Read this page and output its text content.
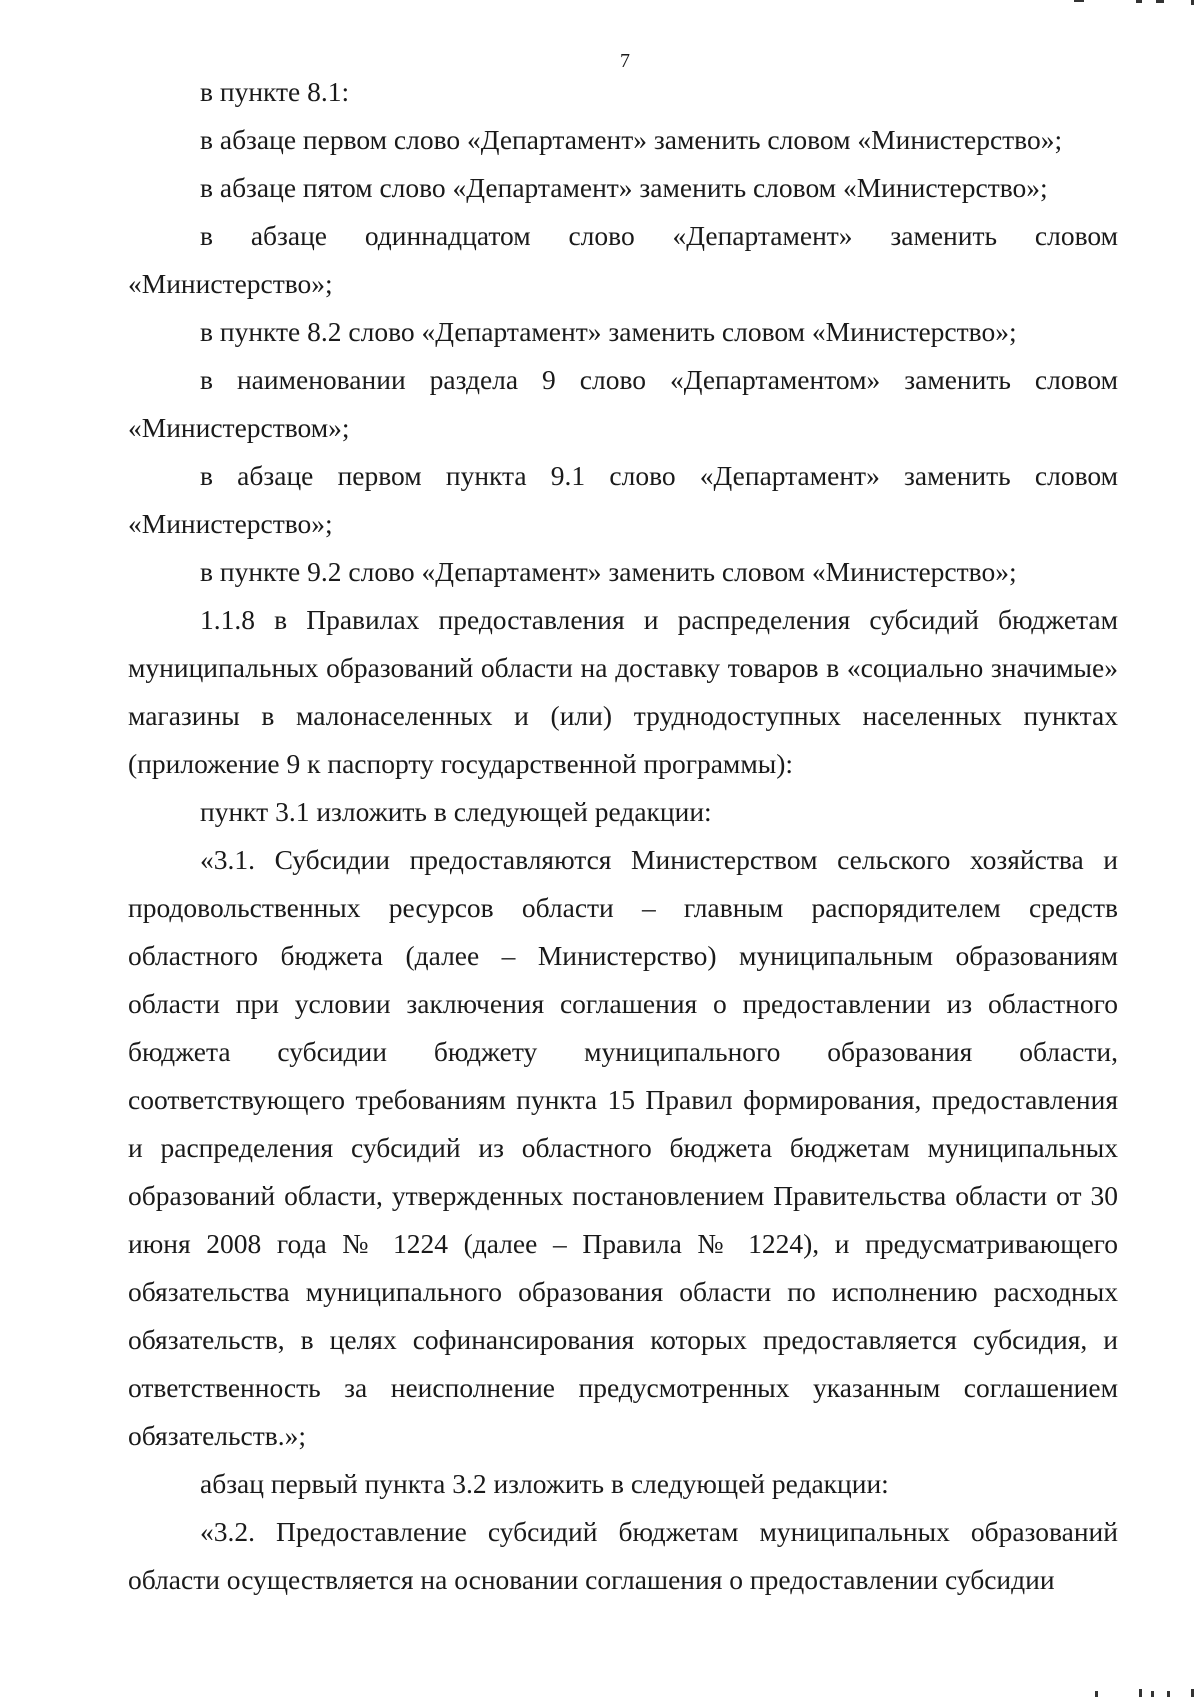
7

в пункте 8.1:

в абзаце первом слово «Департамент» заменить словом «Министерство»;

в абзаце пятом слово «Департамент» заменить словом «Министерство»;

в абзаце одиннадцатом слово «Департамент» заменить словом «Министерство»;

в пункте 8.2 слово «Департамент» заменить словом «Министерство»;

в наименовании раздела 9 слово «Департаментом» заменить словом «Министерством»;

в абзаце первом пункта 9.1 слово «Департамент» заменить словом «Министерство»;

в пункте 9.2 слово «Департамент» заменить словом «Министерство»;

1.1.8 в Правилах предоставления и распределения субсидий бюджетам муниципальных образований области на доставку товаров в «социально значимые» магазины в малонаселенных и (или) труднодоступных населенных пунктах (приложение 9 к паспорту государственной программы):

пункт 3.1 изложить в следующей редакции:

«3.1. Субсидии предоставляются Министерством сельского хозяйства и продовольственных ресурсов области – главным распорядителем средств областного бюджета (далее – Министерство) муниципальным образованиям области при условии заключения соглашения о предоставлении из областного бюджета субсидии бюджету муниципального образования области, соответствующего требованиям пункта 15 Правил формирования, предоставления и распределения субсидий из областного бюджета бюджетам муниципальных образований области, утвержденных постановлением Правительства области от 30 июня 2008 года № 1224 (далее – Правила № 1224), и предусматривающего обязательства муниципального образования области по исполнению расходных обязательств, в целях софинансирования которых предоставляется субсидия, и ответственность за неисполнение предусмотренных указанным соглашением обязательств.»;

абзац первый пункта 3.2 изложить в следующей редакции:

«3.2. Предоставление субсидий бюджетам муниципальных образований области осуществляется на основании соглашения о предоставлении субсидии
